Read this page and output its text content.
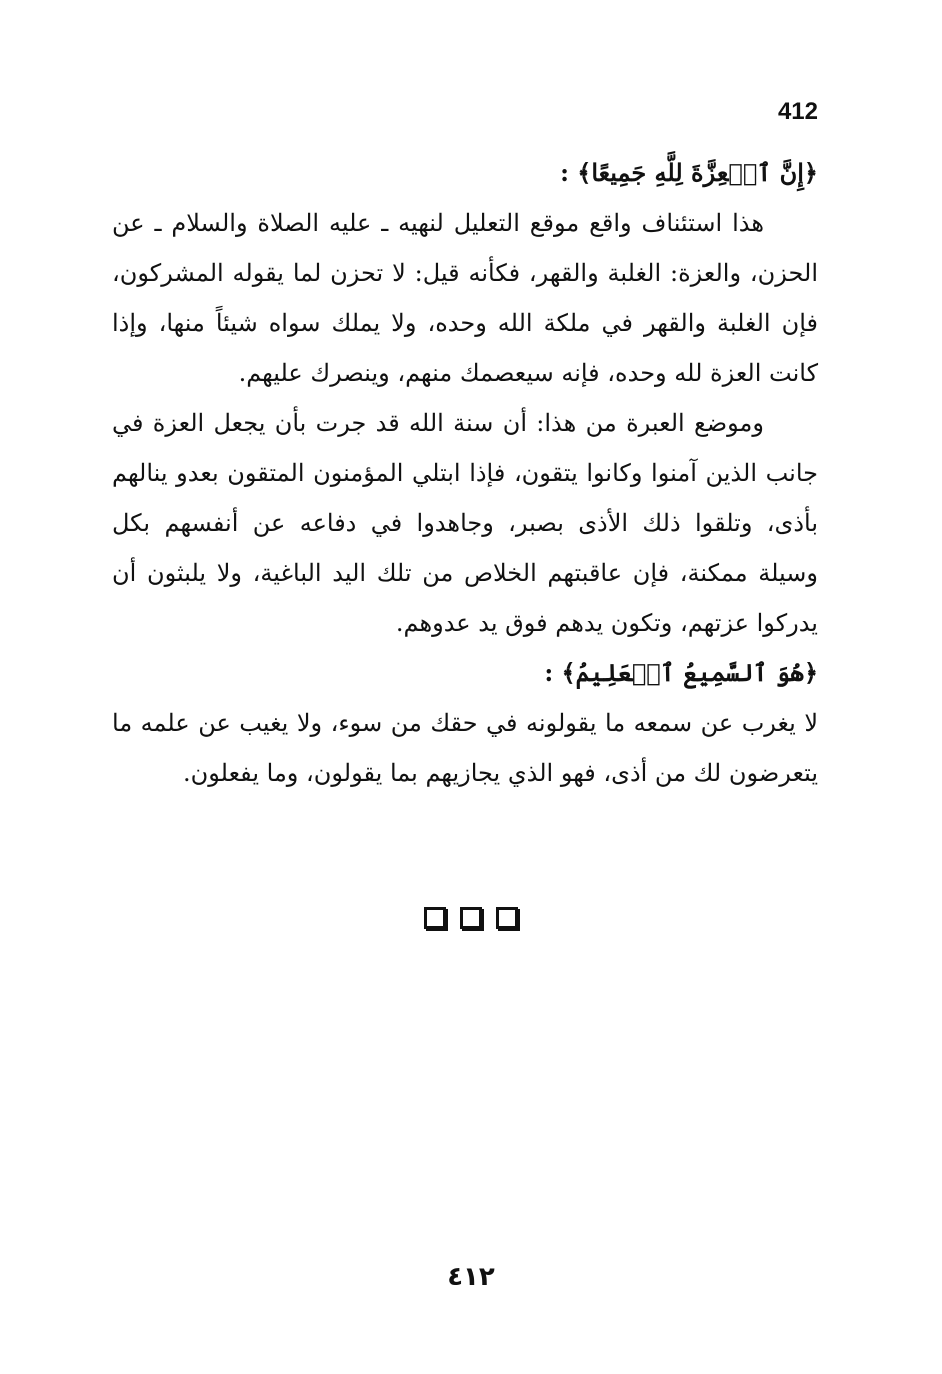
412

﴿إِنَّ ٱلۡعِزَّةَ لِلَّهِ جَمِيعًا﴾ :

هذا استئناف واقع موقع التعليل لنهيه ـ عليه الصلاة والسلام ـ عن الحزن، والعزة: الغلبة والقهر، فكأنه قيل: لا تحزن لما يقوله المشركون، فإن الغلبة والقهر في ملكة الله وحده، ولا يملك سواه شيئاً منها، وإذا كانت العزة لله وحده، فإنه سيعصمك منهم، وينصرك عليهم.

وموضع العبرة من هذا: أن سنة الله قد جرت بأن يجعل العزة في جانب الذين آمنوا وكانوا يتقون، فإذا ابتلي المؤمنون المتقون بعدو ينالهم بأذى، وتلقوا ذلك الأذى بصبر، وجاهدوا في دفاعه عن أنفسهم بكل وسيلة ممكنة، فإن عاقبتهم الخلاص من تلك اليد الباغية، ولا يلبثون أن يدركوا عزتهم، وتكون يدهم فوق يد عدوهم.

﴿هُوَ ٱلسَّمِيعُ ٱلۡعَلِيمُ﴾ :

لا يغرب عن سمعه ما يقولونه في حقك من سوء، ولا يغيب عن علمه ما يتعرضون لك من أذى، فهو الذي يجازيهم بما يقولون، وما يفعلون.

٤١٢
